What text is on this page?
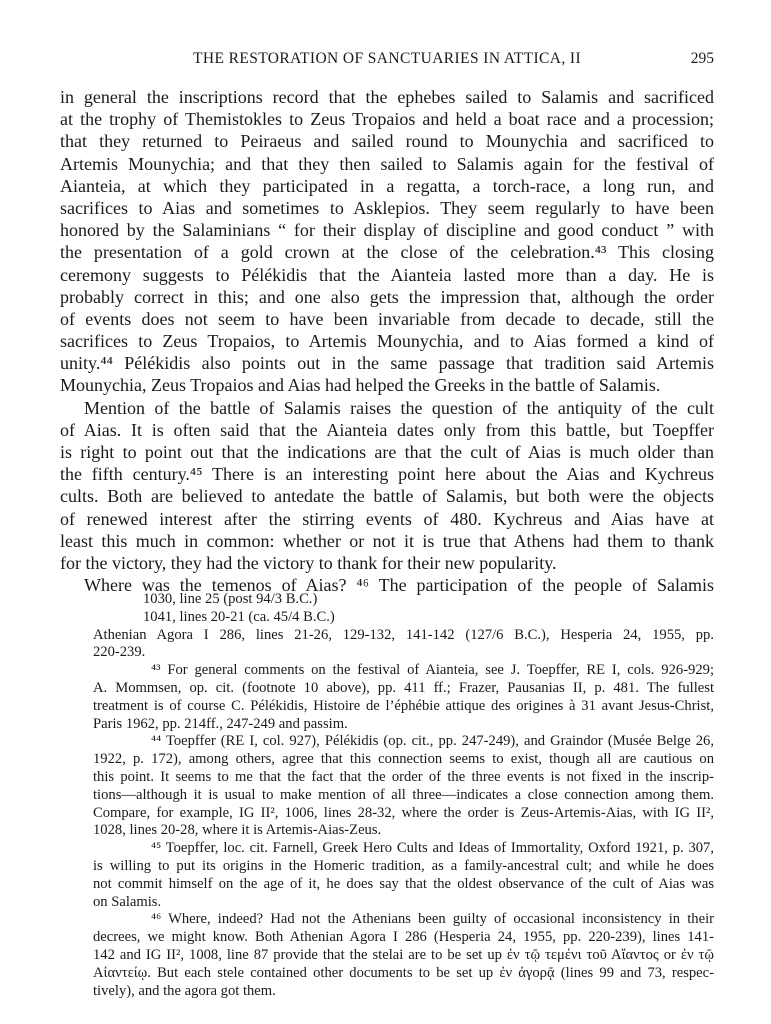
THE RESTORATION OF SANCTUARIES IN ATTICA, II	295
in general the inscriptions record that the ephebes sailed to Salamis and sacrificed
at the trophy of Themistokles to Zeus Tropaios and held a boat race and a procession;
that they returned to Peiraeus and sailed round to Mounychia and sacrificed to
Artemis Mounychia; and that they then sailed to Salamis again for the festival of
Aianteia, at which they participated in a regatta, a torch-race, a long run, and
sacrifices to Aias and sometimes to Asklepios. They seem regularly to have been
honored by the Salaminians “ for their display of discipline and good conduct ” with
the presentation of a gold crown at the close of the celebration.⁴³ This closing
ceremony suggests to Pélékidis that the Aianteia lasted more than a day. He is
probably correct in this; and one also gets the impression that, although the order
of events does not seem to have been invariable from decade to decade, still the
sacrifices to Zeus Tropaios, to Artemis Mounychia, and to Aias formed a kind of
unity.⁴⁴ Pélékidis also points out in the same passage that tradition said Artemis
Mounychia, Zeus Tropaios and Aias had helped the Greeks in the battle of Salamis.
Mention of the battle of Salamis raises the question of the antiquity of the cult
of Aias. It is often said that the Aianteia dates only from this battle, but Toepffer
is right to point out that the indications are that the cult of Aias is much older than
the fifth century.⁴⁵ There is an interesting point here about the Aias and Kychreus
cults. Both are believed to antedate the battle of Salamis, but both were the objects
of renewed interest after the stirring events of 480. Kychreus and Aias have at
least this much in common: whether or not it is true that Athens had them to thank
for the victory, they had the victory to thank for their new popularity.
Where was the temenos of Aias? ⁴⁶ The participation of the people of Salamis
1030, line 25 (post 94/3 B.C.)
1041, lines 20-21 (ca. 45/4 B.C.)
Athenian Agora I 286, lines 21-26, 129-132, 141-142 (127/6 B.C.), Hesperia 24, 1955, pp.
220-239.
⁴³ For general comments on the festival of Aianteia, see J. Toepffer, RE I, cols. 926-929;
A. Mommsen, op. cit. (footnote 10 above), pp. 411 ff.; Frazer, Pausanias II, p. 481. The fullest
treatment is of course C. Pélékidis, Histoire de l’éphébie attique des origines à 31 avant Jesus-Christ,
Paris 1962, pp. 214ff., 247-249 and passim.
⁴⁴ Toepffer (RE I, col. 927), Pélékidis (op. cit., pp. 247-249), and Graindor (Musée Belge 26,
1922, p. 172), among others, agree that this connection seems to exist, though all are cautious on
this point. It seems to me that the fact that the order of the three events is not fixed in the inscrip-
tions—although it is usual to make mention of all three—indicates a close connection among them.
Compare, for example, IG II², 1006, lines 28-32, where the order is Zeus-Artemis-Aias, with IG II²,
1028, lines 20-28, where it is Artemis-Aias-Zeus.
⁴⁵ Toepffer, loc. cit. Farnell, Greek Hero Cults and Ideas of Immortality, Oxford 1921, p. 307,
is willing to put its origins in the Homeric tradition, as a family-ancestral cult; and while he does
not commit himself on the age of it, he does say that the oldest observance of the cult of Aias was
on Salamis.
⁴⁶ Where, indeed? Had not the Athenians been guilty of occasional inconsistency in their
decrees, we might know. Both Athenian Agora I 286 (Hesperia 24, 1955, pp. 220-239), lines 141-
142 and IG II², 1008, line 87 provide that the stelai are to be set up ἐν τῷ τεμένι τοῦ Αἴαντος or ἐν τῷ
Αἰαντείῳ. But each stele contained other documents to be set up ἐν ἀγορᾷ (lines 99 and 73, respec-
tively), and the agora got them.
